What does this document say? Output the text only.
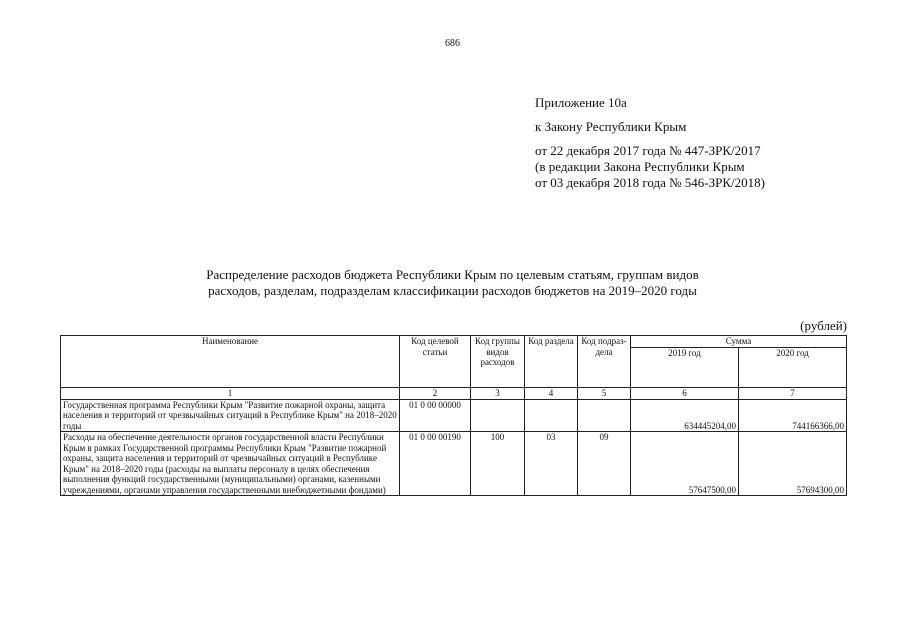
686
Приложение 10а
к Закону Республики Крым
от 22 декабря 2017 года № 447-ЗРК/2017
(в редакции Закона Республики Крым
от 03 декабря 2018 года № 546-ЗРК/2018)
Распределение расходов бюджета Республики Крым по целевым статьям, группам видов
расходов, разделам, подразделам классификации расходов бюджетов на 2019–2020 годы
(рублей)
Наименование	Код целевой статьи	Код группы видов расходов	Код раздела	Код подраз-дела	Сумма	
					2019 год	2020 год
1	2	3	4	5	6	7
Государственная программа Республики Крым "Развитие пожарной охраны, защита населения и территорий от чрезвычайных ситуаций в Республике Крым" на 2018–2020 годы	01 0 00 00000				634445204,00	744166366,00
Расходы на обеспечение деятельности органов государственной власти Республики Крым в рамках Государственной программы Республики Крым "Развитие пожарной охраны, защита населения и территорий от чрезвычайных ситуаций в Республике Крым" на 2018–2020 годы (расходы на выплаты персоналу в целях обеспечения выполнения функций государственными (муниципальными) органами, казенными учреждениями, органами управления государственными внебюджетными фондами)	01 0 00 00190	100	03	09	57647500,00	57694300,00
